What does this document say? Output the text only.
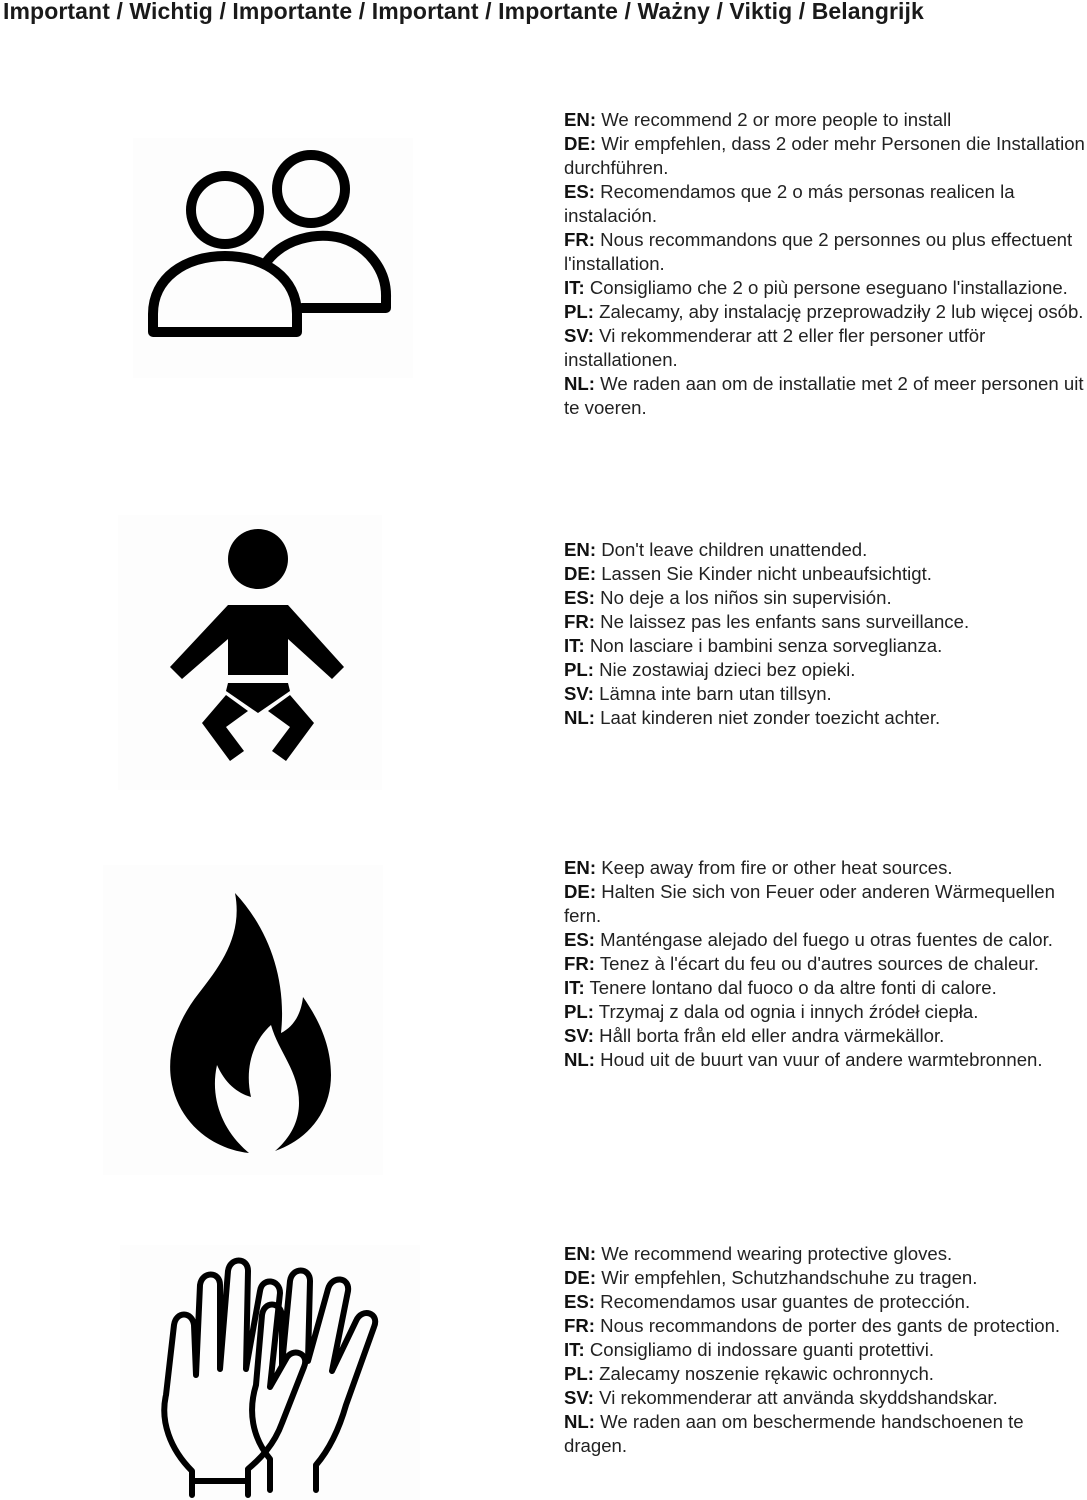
Important / Wichtig / Importante / Important / Importante / Ważny / Viktig / Belangrijk
EN: We recommend 2 or more people to install
DE: Wir empfehlen, dass 2 oder mehr Personen die Installation durchführen.
ES: Recomendamos que 2 o más personas realicen la instalación.
FR: Nous recommandons que 2 personnes ou plus effectuent l'installation.
IT: Consigliamo che 2 o più persone eseguano l'installazione.
PL: Zalecamy, aby instalację przeprowadziły 2 lub więcej osób.
SV: Vi rekommenderar att 2 eller fler personer utför installationen.
NL: We raden aan om de installatie met 2 of meer personen uit te voeren.
EN: Don't leave children unattended.
DE: Lassen Sie Kinder nicht unbeaufsichtigt.
ES: No deje a los niños sin supervisión.
FR: Ne laissez pas les enfants sans surveillance.
IT: Non lasciare i bambini senza sorveglianza.
PL: Nie zostawiaj dzieci bez opieki.
SV: Lämna inte barn utan tillsyn.
NL: Laat kinderen niet zonder toezicht achter.
EN: Keep away from fire or other heat sources.
DE: Halten Sie sich von Feuer oder anderen Wärmequellen fern.
ES: Manténgase alejado del fuego u otras fuentes de calor.
FR: Tenez à l'écart du feu ou d'autres sources de chaleur.
IT: Tenere lontano dal fuoco o da altre fonti di calore.
PL: Trzymaj z dala od ognia i innych źródeł ciepła.
SV: Håll borta från eld eller andra värmekällor.
NL: Houd uit de buurt van vuur of andere warmtebronnen.
EN: We recommend wearing protective gloves.
DE: Wir empfehlen, Schutzhandschuhe zu tragen.
ES: Recomendamos usar guantes de protección.
FR: Nous recommandons de porter des gants de protection.
IT: Consigliamo di indossare guanti protettivi.
PL: Zalecamy noszenie rękawic ochronnych.
SV: Vi rekommenderar att använda skyddshandskar.
NL: We raden aan om beschermende handschoenen te dragen.
